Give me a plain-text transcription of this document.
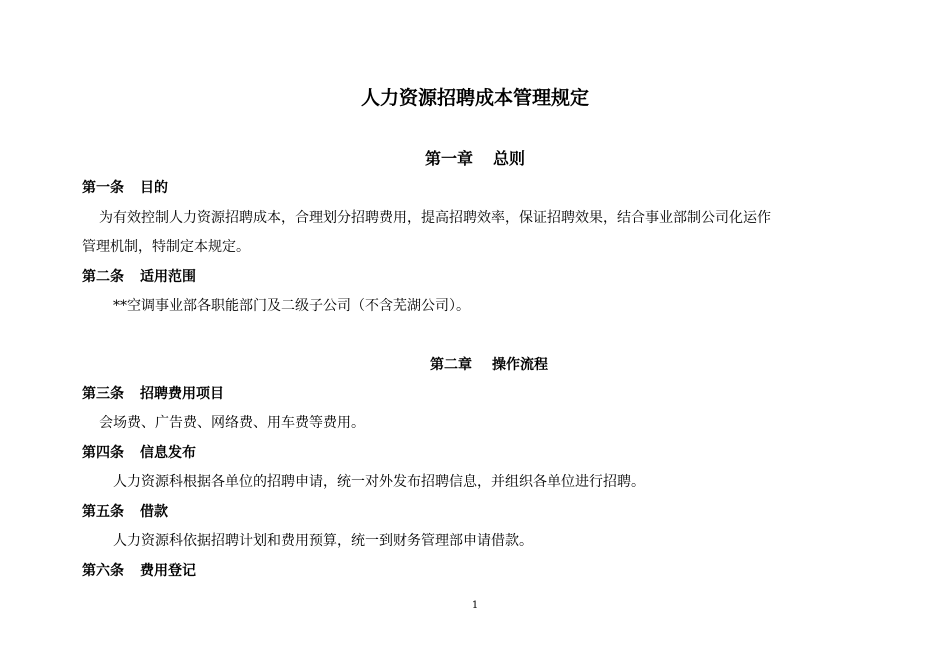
人力资源招聘成本管理规定
第一章 总则
第一条 目的
为有效控制人力资源招聘成本，合理划分招聘费用，提高招聘效率，保证招聘效果，结合事业部制公司化运作
管理机制，特制定本规定。
第二条 适用范围
**空调事业部各职能部门及二级子公司（不含芜湖公司）。
第二章 操作流程
第三条 招聘费用项目
会场费、广告费、网络费、用车费等费用。
第四条 信息发布
人力资源科根据各单位的招聘申请，统一对外发布招聘信息，并组织各单位进行招聘。
第五条 借款
人力资源科依据招聘计划和费用预算，统一到财务管理部申请借款。
第六条 费用登记
1
